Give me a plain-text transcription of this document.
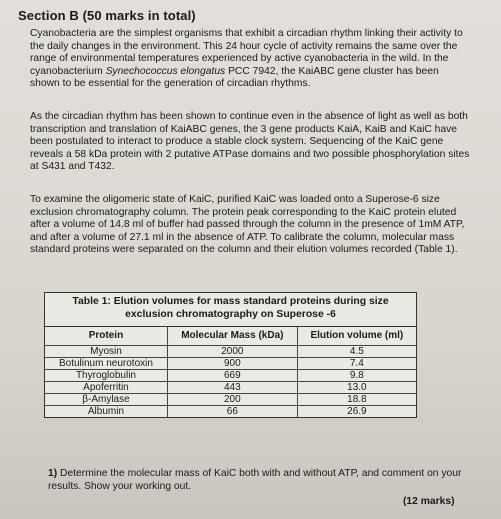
Section B (50 marks in total)

Cyanobacteria are the simplest organisms that exhibit a circadian rhythm linking their activity to the daily changes in the environment. This 24 hour cycle of activity remains the same over the range of environmental temperatures experienced by active cyanobacteria in the wild. In the cyanobacterium Synechococcus elongatus PCC 7942, the KaiABC gene cluster has been shown to be essential for the generation of circadian rhythms.

As the circadian rhythm has been shown to continue even in the absence of light as well as both transcription and translation of KaiABC genes, the 3 gene products KaiA, KaiB and KaiC have been postulated to interact to produce a stable clock system. Sequencing of the KaiC gene reveals a 58 kDa protein with 2 putative ATPase domains and two possible phosphorylation sites at S431 and T432.

To examine the oligomeric state of KaiC, purified KaiC was loaded onto a Superose-6 size exclusion chromatography column. The protein peak corresponding to the KaiC protein eluted after a volume of 14.8 ml of buffer had passed through the column in the presence of 1mM ATP, and after a volume of 27.1 ml in the absence of ATP. To calibrate the column, molecular mass standard proteins were separated on the column and their elution volumes recorded (Table 1).

Table 1: Elution volumes for mass standard proteins during size exclusion chromatography on Superose -6
Protein	Molecular Mass (kDa)	Elution volume (ml)
Myosin	2000	4.5
Botulinum neurotoxin	900	7.4
Thyroglobulin	669	9.8
Apoferritin	443	13.0
β-Amylase	200	18.8
Albumin	66	26.9
1) Determine the molecular mass of KaiC both with and without ATP, and comment on your results. Show your working out.
(12 marks)
